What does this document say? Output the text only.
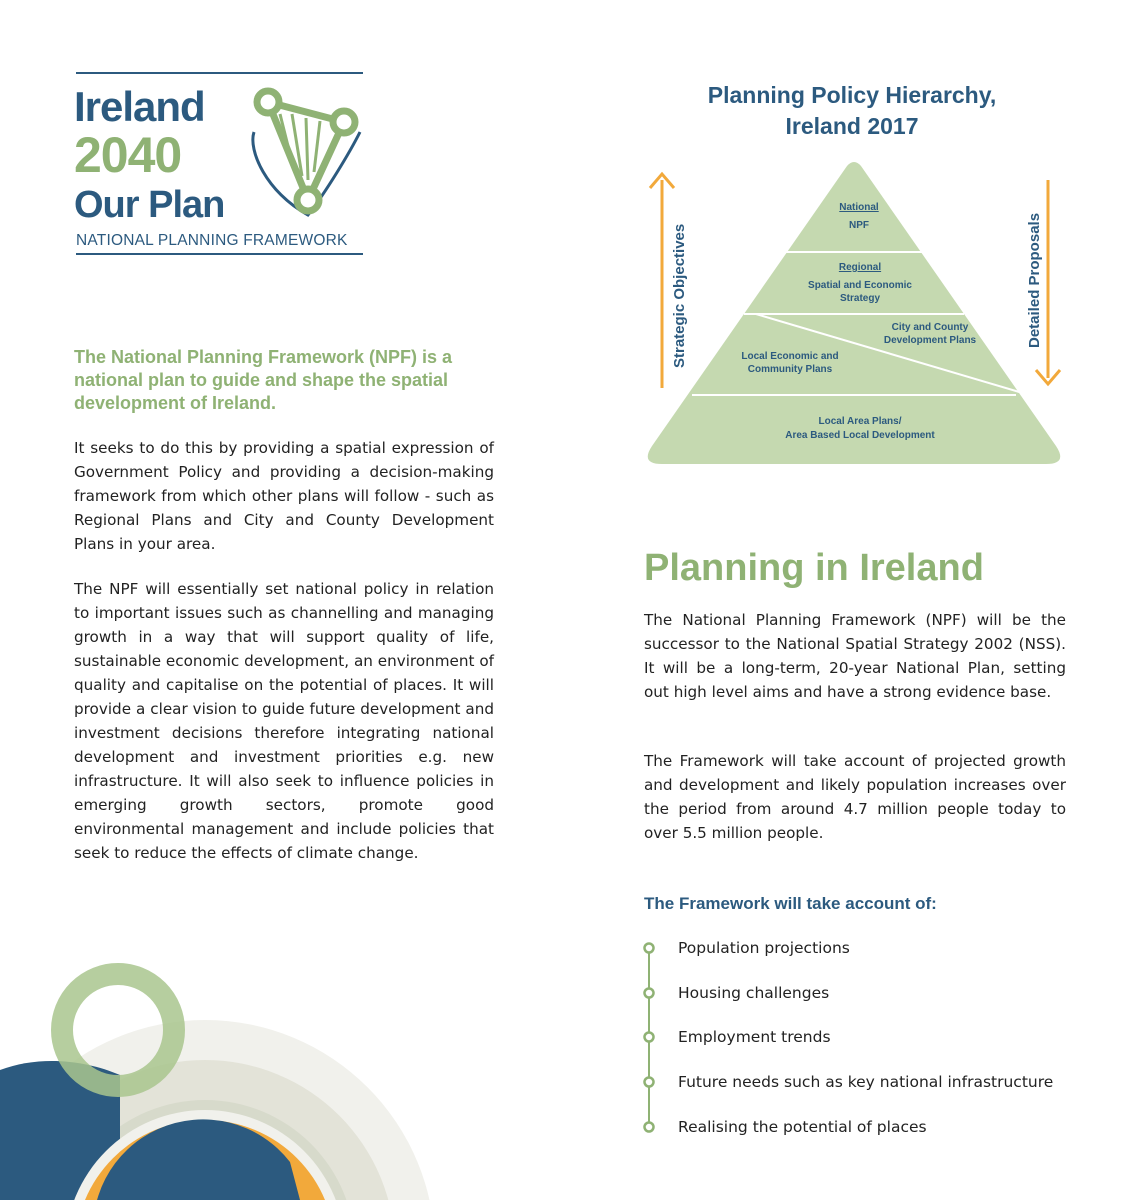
Ireland
2040
Our Plan
NATIONAL PLANNING FRAMEWORK

The National Planning Framework (NPF) is a national plan to guide and shape the spatial development of Ireland.

It seeks to do this by providing a spatial expression of Government Policy and providing a decision-making framework from which other plans will follow - such as Regional Plans and City and County Development Plans in your area.

The NPF will essentially set national policy in relation to important issues such as channelling and managing growth in a way that will support quality of life, sustainable economic development, an environment of quality and capitalise on the potential of places. It will provide a clear vision to guide future development and investment decisions therefore integrating national development and investment priorities e.g. new infrastructure. It will also seek to influence policies in emerging growth sectors, promote good environmental management and include policies that seek to reduce the effects of climate change.

Planning Policy Hierarchy,
Ireland 2017
National
NPF
Regional
Spatial and Economic
Strategy
City and County
Development Plans
Local Economic and
Community Plans
Local Area Plans/
Area Based Local Development
Strategic Objectives	Detailed Proposals
Planning in Ireland

The National Planning Framework (NPF) will be the successor to the National Spatial Strategy 2002 (NSS). It will be a long-term, 20-year National Plan, setting out high level aims and have a strong evidence base.

The Framework will take account of projected growth and development and likely population increases over the period from around 4.7 million people today to over 5.5 million people.

The Framework will take account of:
Population projections
Housing challenges
Employment trends
Future needs such as key national infrastructure
Realising the potential of places
